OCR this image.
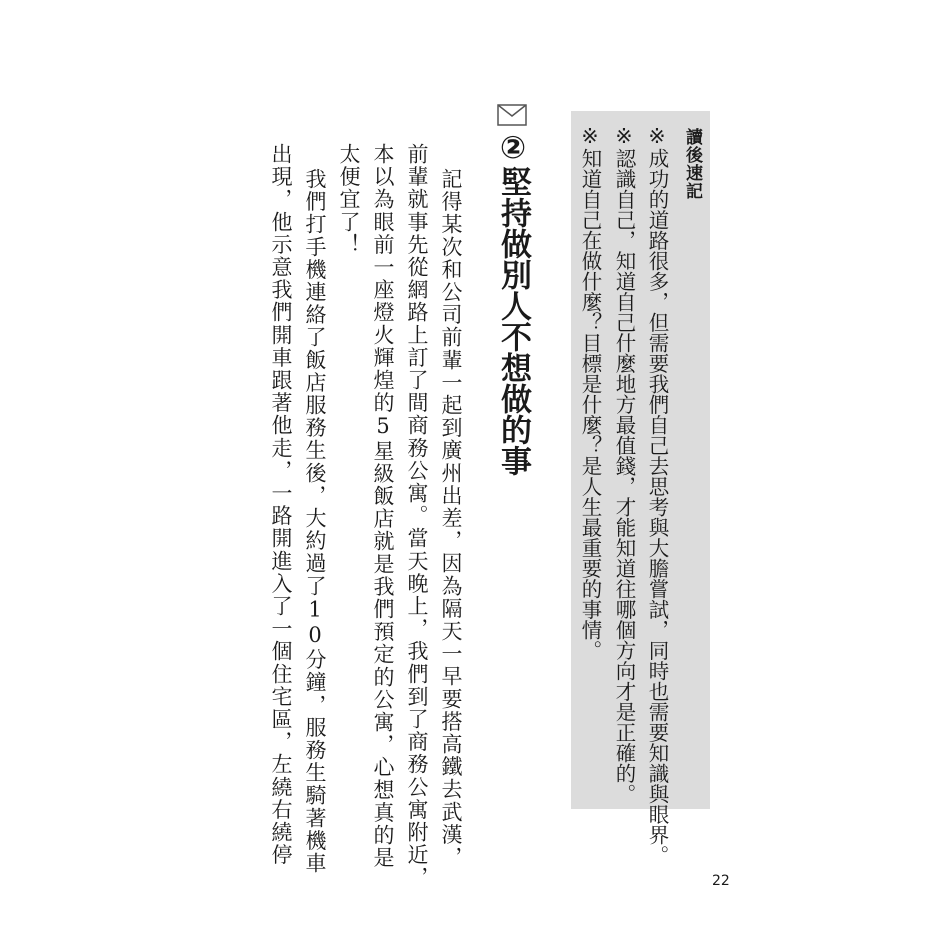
讀後速記

※成功的道路很多，但需要我們自己去思考與大膽嘗試，同時也需要知識與眼界。

※認識自己，知道自己什麼地方最值錢，才能知道往哪個方向才是正確的。

※知道自己在做什麼？目標是什麼？是人生最重要的事情。

②堅持做別人不想做的事

記得某次和公司前輩一起到廣州出差，因為隔天一早要搭高鐵去武漢，

前輩就事先從網路上訂了間商務公寓。當天晚上，我們到了商務公寓附近，

本以為眼前一座燈火輝煌的5星級飯店就是我們預定的公寓，心想真的是

太便宜了！

我們打手機連絡了飯店服務生後，大約過了10分鐘，服務生騎著機車

出現，他示意我們開車跟著他走，一路開進入了一個住宅區，左繞右繞停

22
